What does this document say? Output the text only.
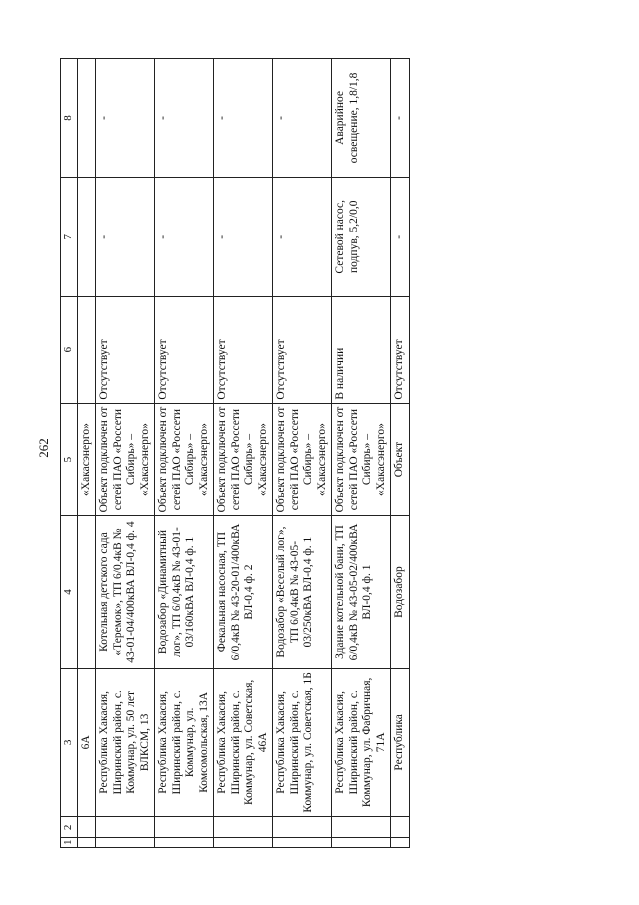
262
1	2	3	4	5	6	7	8
		6А		«Хакасэнерго»			
		Республика Хакасия, Ширинский район, с. Коммунар, ул. 50 лет ВЛКСМ, 13	Котельная детского сада «Теремок», ТП 6/0,4кВ № 43-01-04/400кВА ВЛ-0,4 ф. 4	Объект подключен от сетей ПАО «Россети Сибирь» – «Хакасэнерго»	Отсутствует	-	-
		Республика Хакасия, Ширинский район, с. Коммунар, ул. Комсомольская, 13А	Водозабор «Динамитный лог», ТП 6/0,4кВ № 43-01-03/160кВА ВЛ-0,4 ф. 1	Объект подключен от сетей ПАО «Россети Сибирь» – «Хакасэнерго»	Отсутствует	-	-
		Республика Хакасия, Ширинский район, с. Коммунар, ул. Советская, 46А	Фекальная насосная, ТП 6/0,4кВ № 43-20-01/400кВА ВЛ-0,4 ф. 2	Объект подключен от сетей ПАО «Россети Сибирь» – «Хакасэнерго»	Отсутствует	-	-
		Республика Хакасия, Ширинский район, с. Коммунар, ул. Советская, 1Б	Водозабор «Веселый лог», ТП 6/0,4кВ № 43-05-03/250кВА ВЛ-0,4 ф. 1	Объект подключен от сетей ПАО «Россети Сибирь» – «Хакасэнерго»	Отсутствует	-	-
		Республика Хакасия, Ширинский район, с. Коммунар, ул. Фабричная, 71А	Здание котельной бани, ТП 6/0,4кВ № 43-05-02/400кВА ВЛ-0,4 ф. 1	Объект подключен от сетей ПАО «Россети Сибирь» – «Хакасэнерго»	В наличии	Сетевой насос, подпув, 5,2/0,0	Аварийное освещение, 1,8/1,8
		Республика	Водозабор	Объект	Отсутствует	-	-
